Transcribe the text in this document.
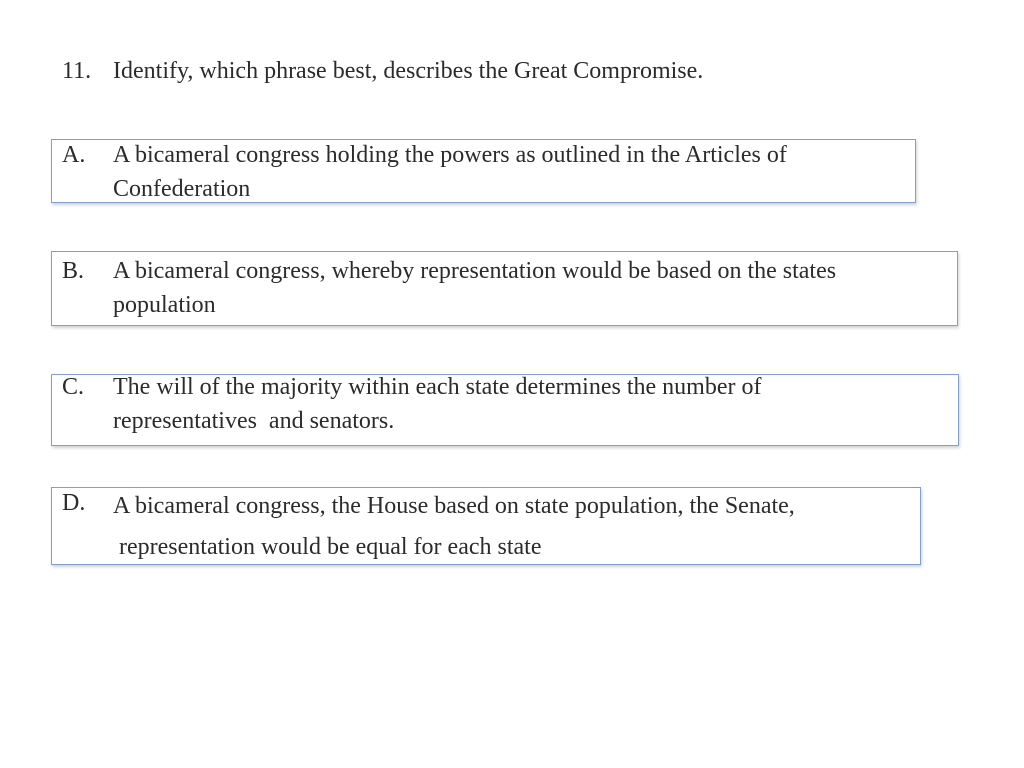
11. Identify, which phrase best, describes the Great Compromise.
A. A bicameral congress holding the powers as outlined in the Articles of
Confederation
B. A bicameral congress, whereby representation would be based on the states
population
C. The will of the majority within each state determines the number of
representatives  and senators.
D. A bicameral congress, the House based on state population, the Senate,
representation would be equal for each state
